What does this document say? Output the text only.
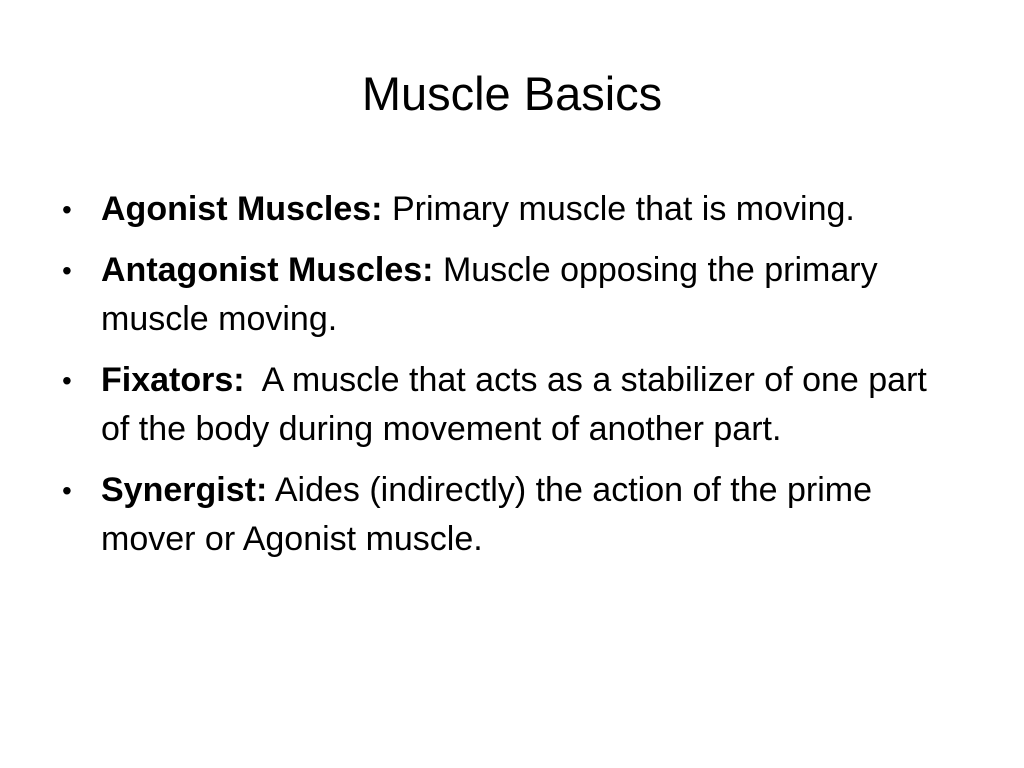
Muscle Basics
• Agonist Muscles: Primary muscle that is moving.
• Antagonist Muscles: Muscle opposing the primary muscle moving.
• Fixators: A muscle that acts as a stabilizer of one part of the body during movement of another part.
• Synergist: Aides (indirectly) the action of the prime mover or Agonist muscle.
